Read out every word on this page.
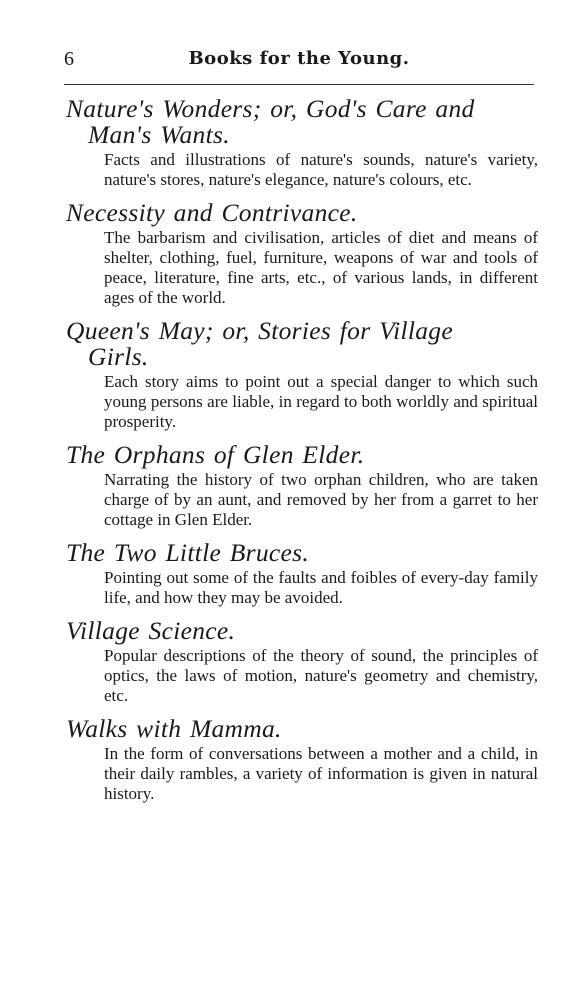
6	Books for the Young.
Nature's Wonders; or, God's Care and
Man's Wants.
Facts and illustrations of nature's sounds, nature's variety, nature's stores, nature's elegance, nature's colours, etc.
Necessity and Contrivance.
The barbarism and civilisation, articles of diet and means of shelter, clothing, fuel, furniture, weapons of war and tools of peace, literature, fine arts, etc., of various lands, in different ages of the world.
Queen's May; or, Stories for Village
Girls.
Each story aims to point out a special danger to which such young persons are liable, in regard to both worldly and spiritual prosperity.
The Orphans of Glen Elder.
Narrating the history of two orphan children, who are taken charge of by an aunt, and removed by her from a garret to her cottage in Glen Elder.
The Two Little Bruces.
Pointing out some of the faults and foibles of every-day family life, and how they may be avoided.
Village Science.
Popular descriptions of the theory of sound, the principles of optics, the laws of motion, nature's geometry and chemistry, etc.
Walks with Mamma.
In the form of conversations between a mother and a child, in their daily rambles, a variety of information is given in natural history.
